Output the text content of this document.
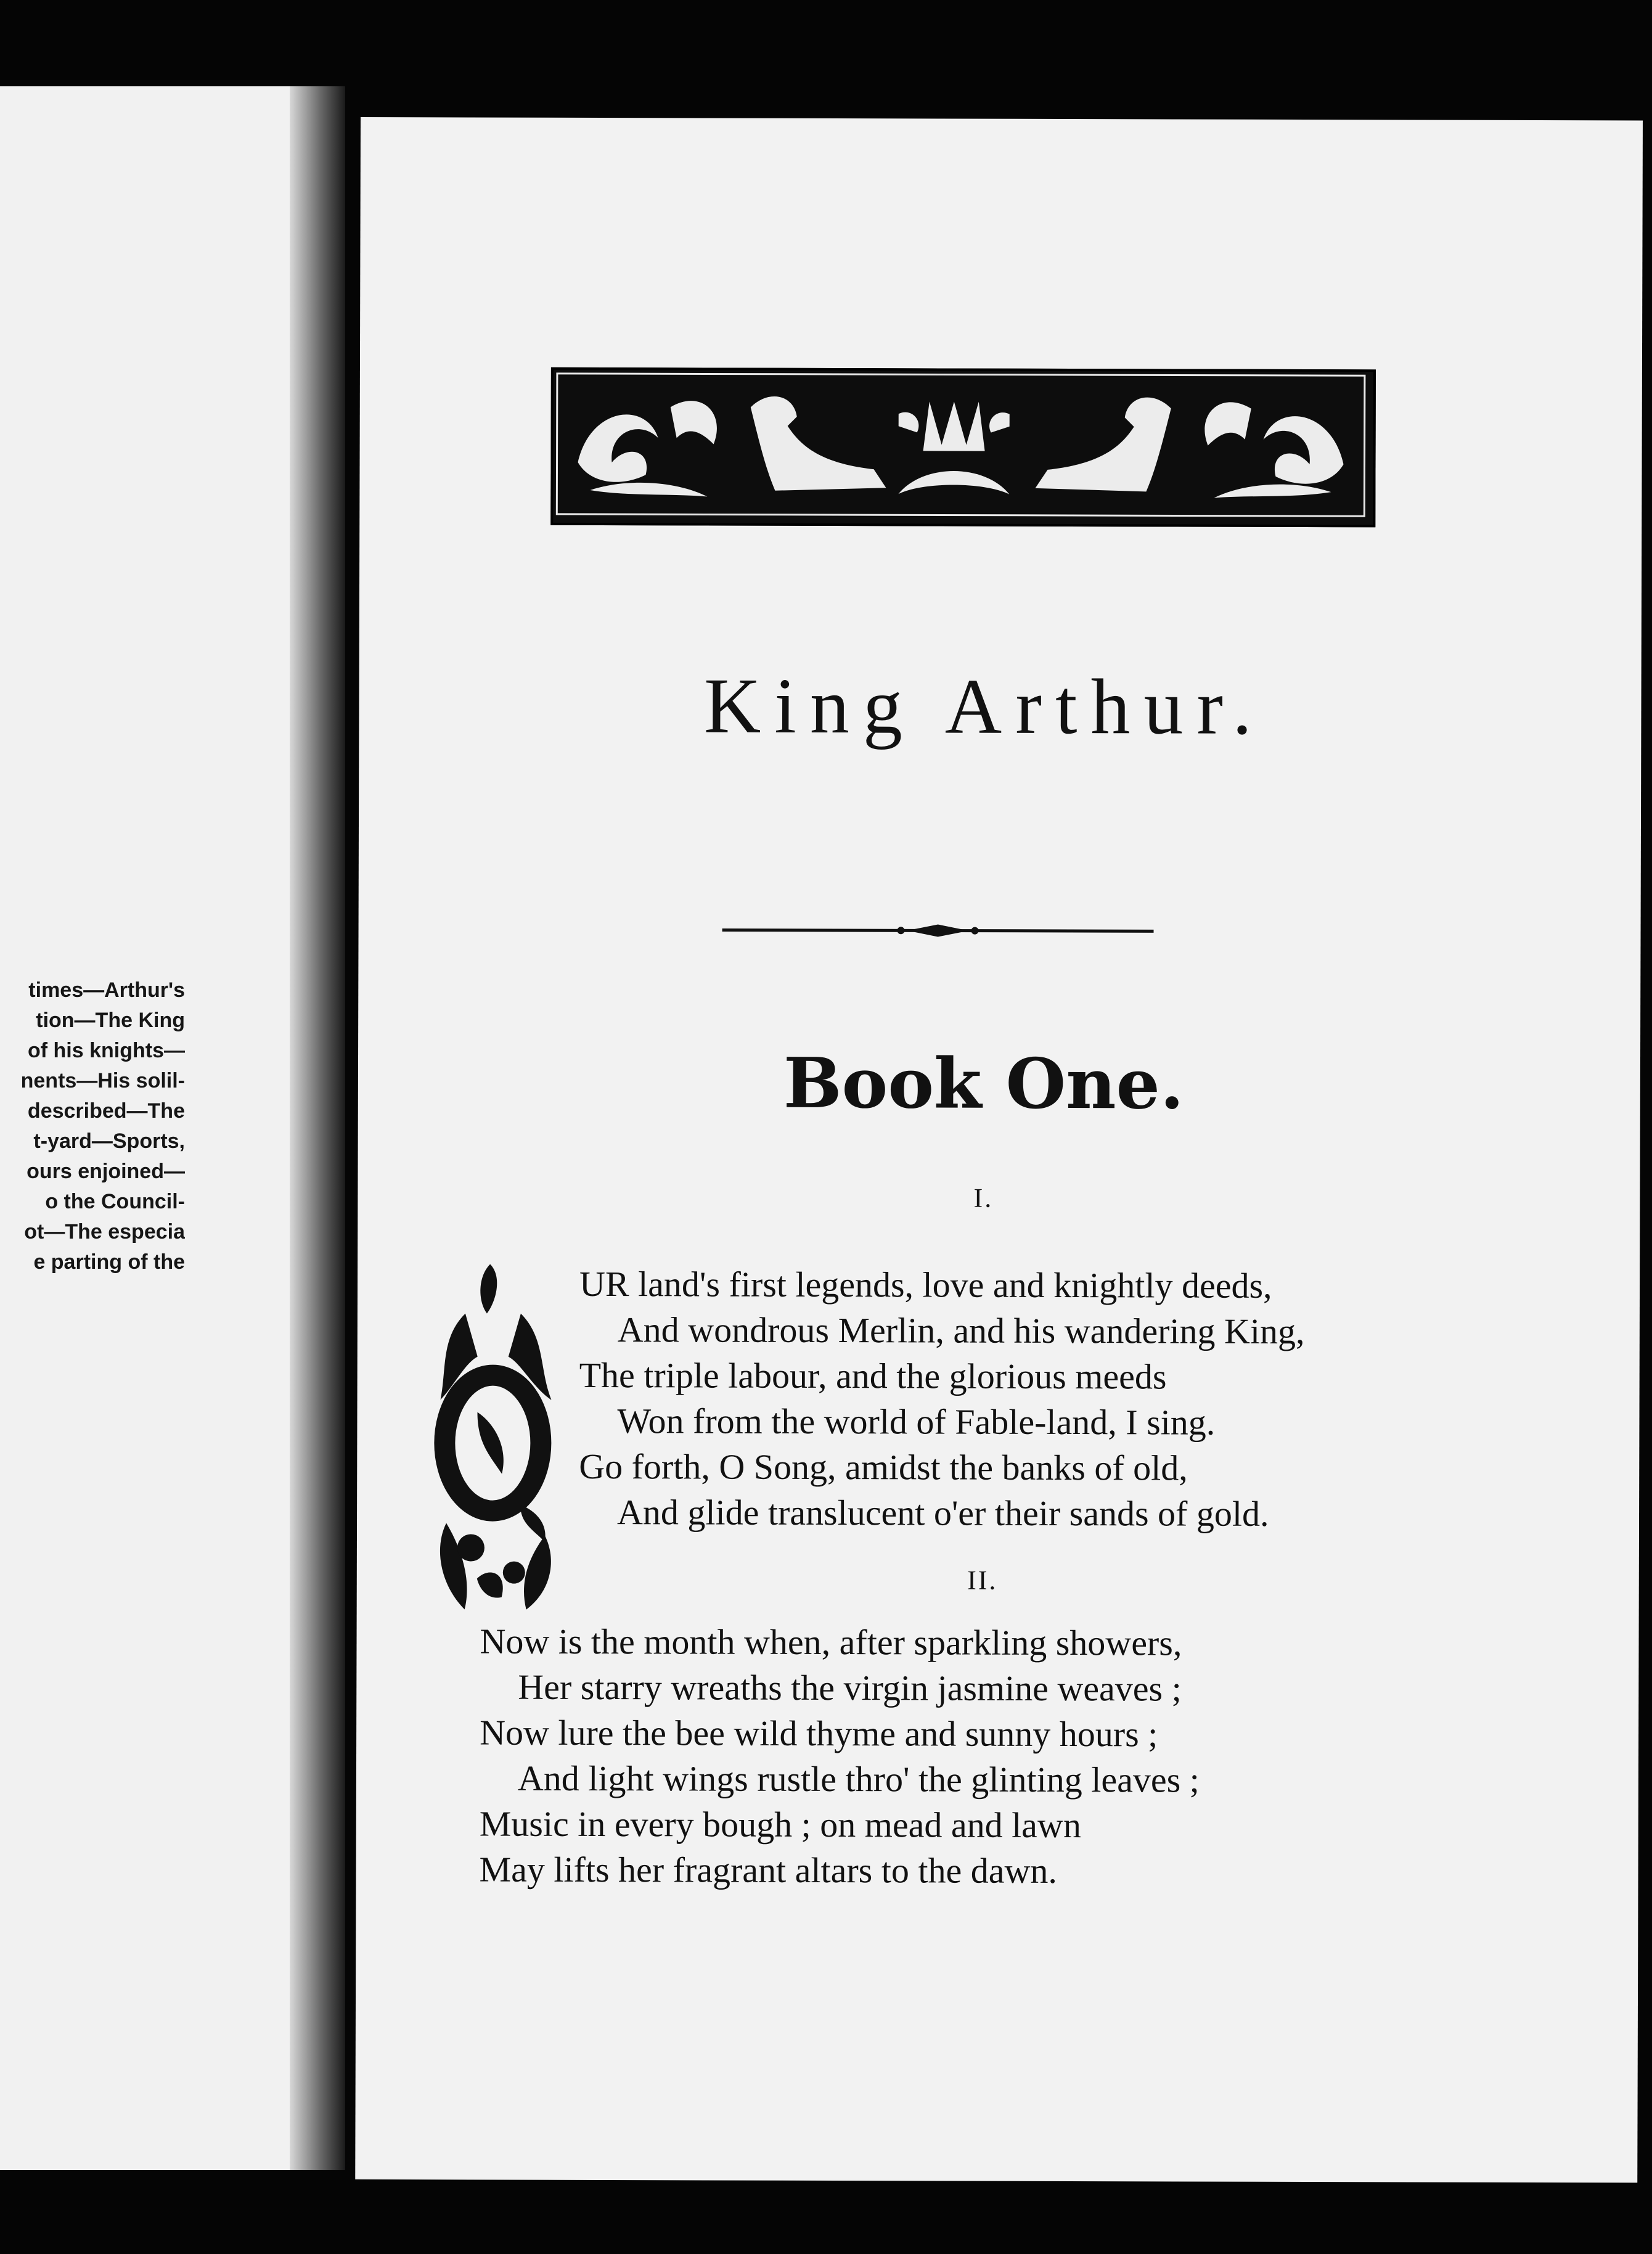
times—Arthur's
tion—The King
of his knights—
nents—His solil-
described—The
t-yard—Sports,
ours enjoined—
o the Council-
ot—The especia
e parting of the
King Arthur.
Book One.
I.
UR land's first legends, love and knightly deeds,
And wondrous Merlin, and his wandering King,
The triple labour, and the glorious meeds
Won from the world of Fable-land, I sing.
Go forth, O Song, amidst the banks of old,
And glide translucent o'er their sands of gold.
II.
Now is the month when, after sparkling showers,
Her starry wreaths the virgin jasmine weaves ;
Now lure the bee wild thyme and sunny hours ;
And light wings rustle thro' the glinting leaves ;
Music in every bough ; on mead and lawn
May lifts her fragrant altars to the dawn.
